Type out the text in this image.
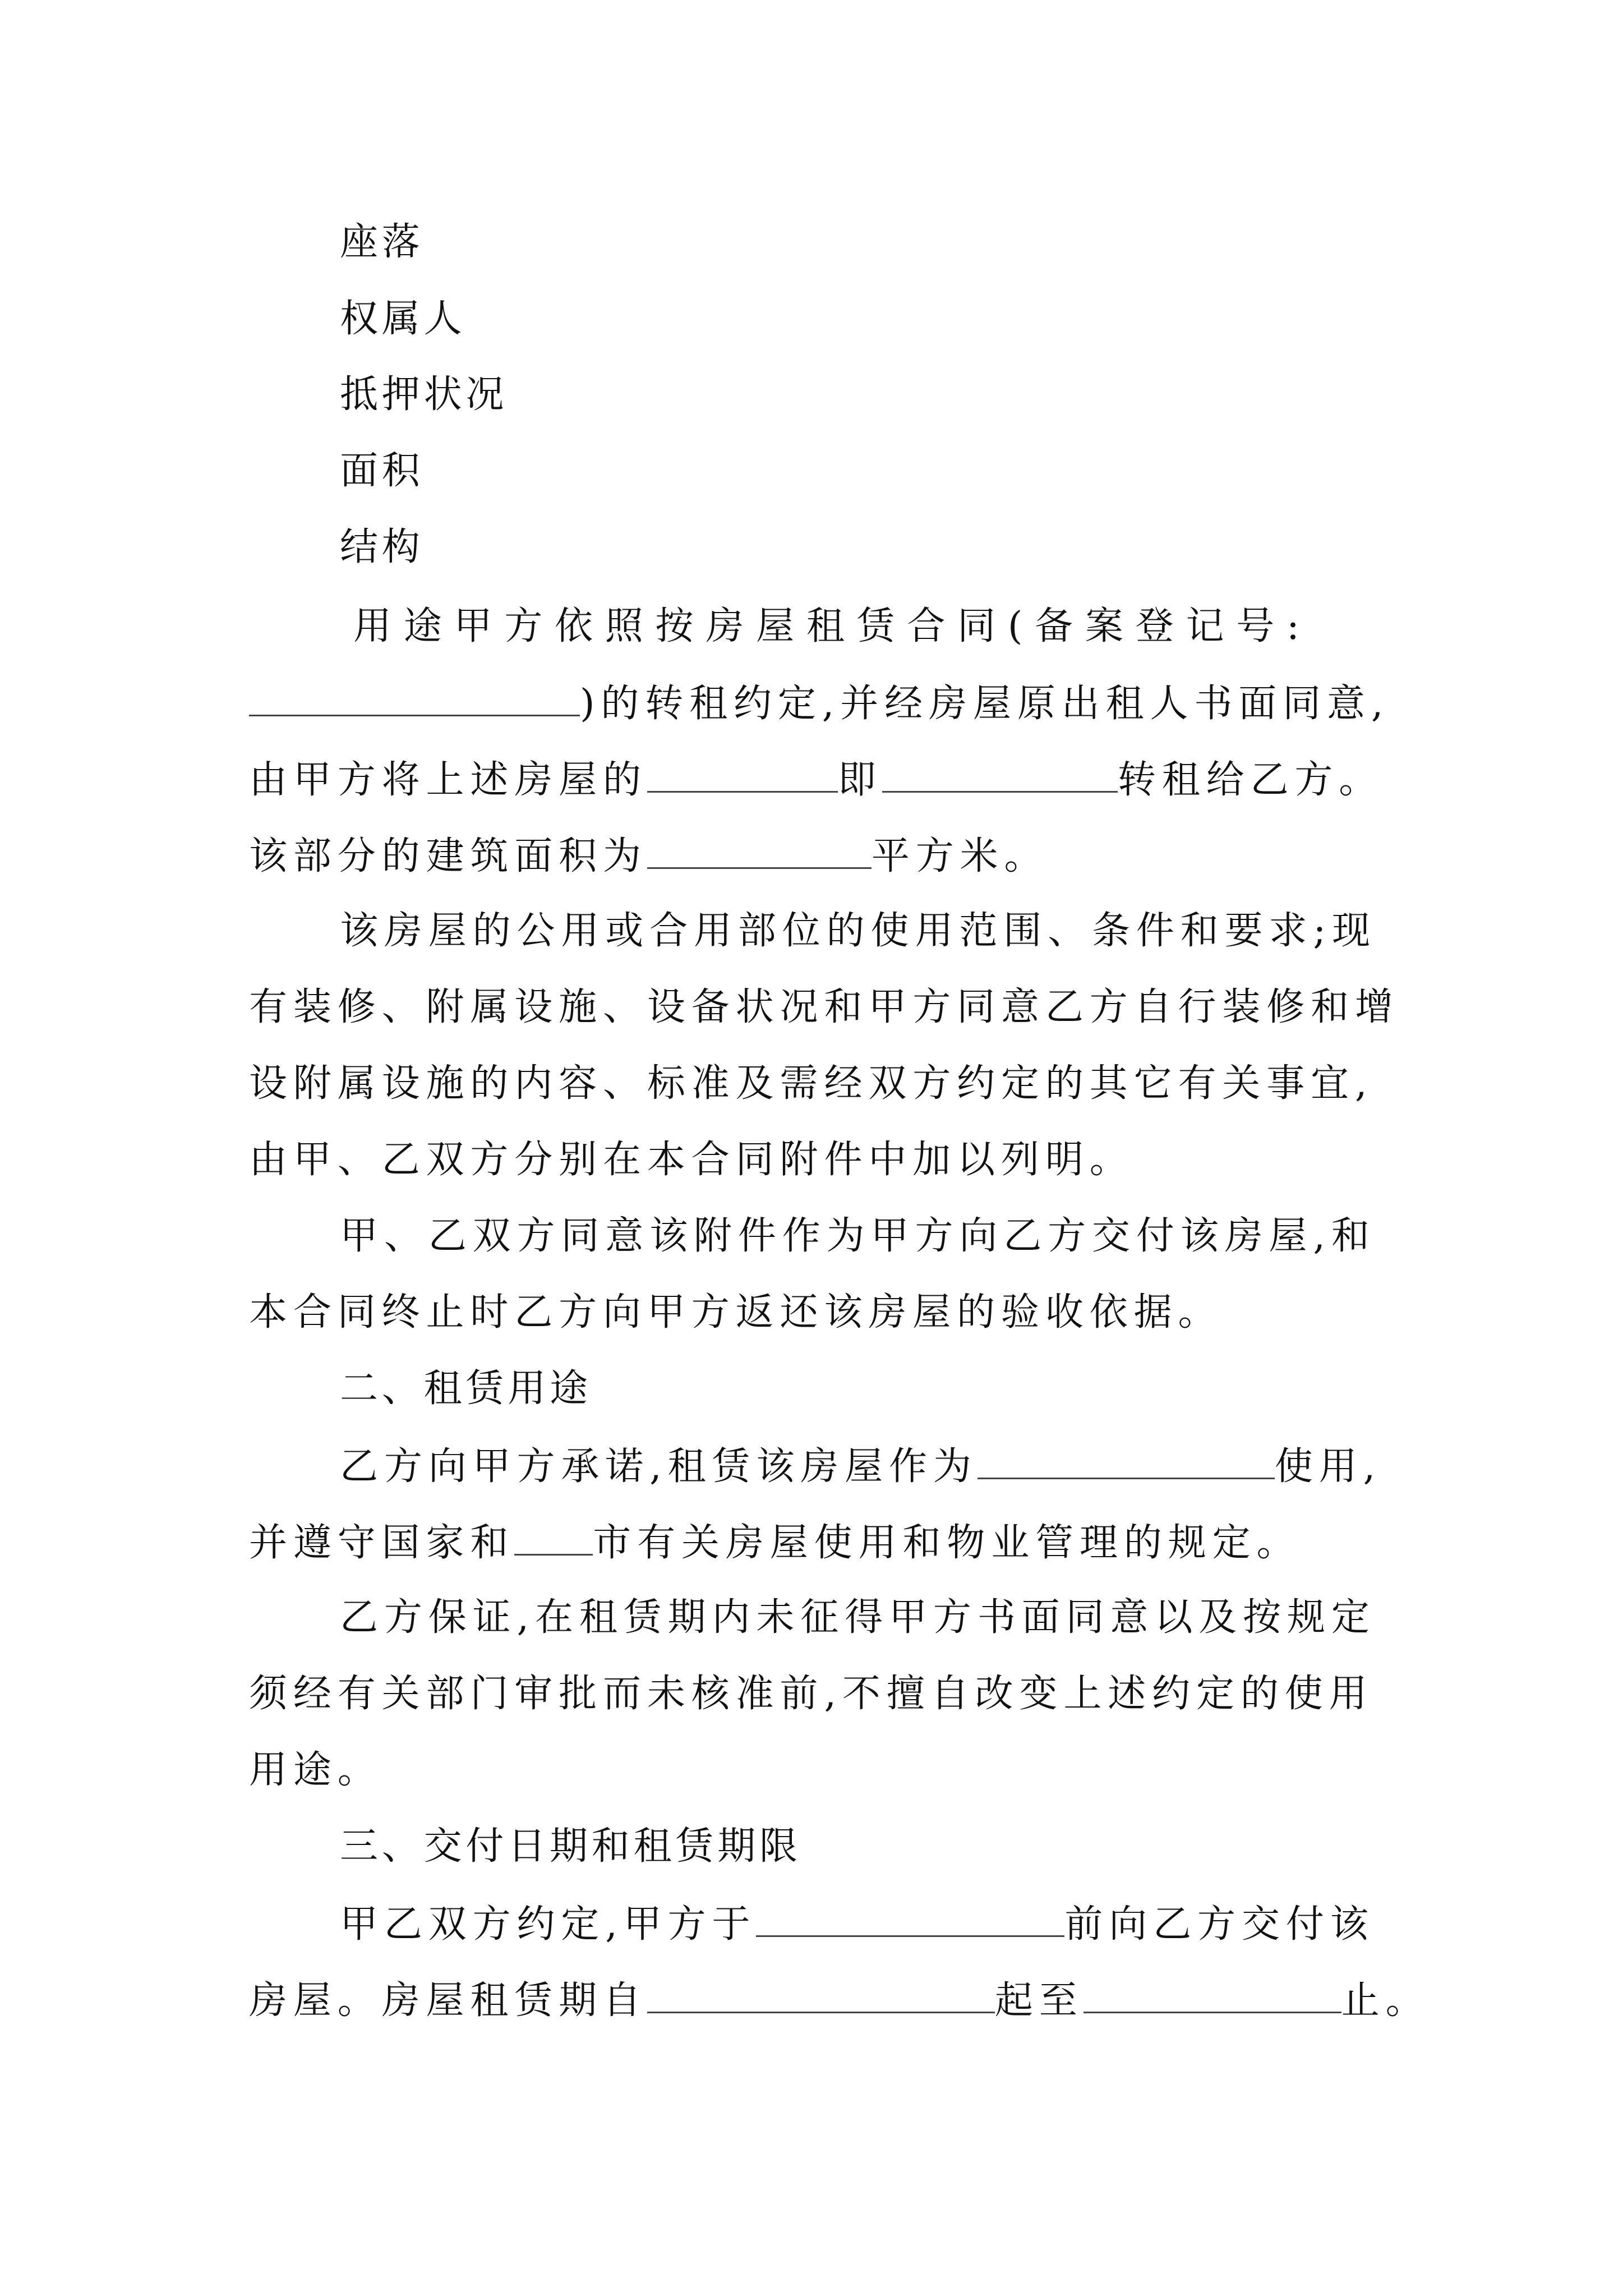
座落
权属人
抵押状况
面积
结构
用途甲方依照按房屋租赁合同(备案登记号:
)的转租约定,并经房屋原出租人书面同意,
由甲方将上述房屋的	即	转租给乙方。
该部分的建筑面积为	平方米。
该房屋的公用或合用部位的使用范围、条件和要求;现
有装修、附属设施、设备状况和甲方同意乙方自行装修和增
设附属设施的内容、标准及需经双方约定的其它有关事宜,
由甲、乙双方分别在本合同附件中加以列明。
甲、乙双方同意该附件作为甲方向乙方交付该房屋,和
本合同终止时乙方向甲方返还该房屋的验收依据。
二、租赁用途
乙方向甲方承诺,租赁该房屋作为	使用,
并遵守国家和 市有关房屋使用和物业管理的规定。
乙方保证,在租赁期内未征得甲方书面同意以及按规定
须经有关部门审批而未核准前,不擅自改变上述约定的使用
用途。
三、交付日期和租赁期限
甲乙双方约定,甲方于	前向乙方交付该
房屋。房屋租赁期自	起至	止。
